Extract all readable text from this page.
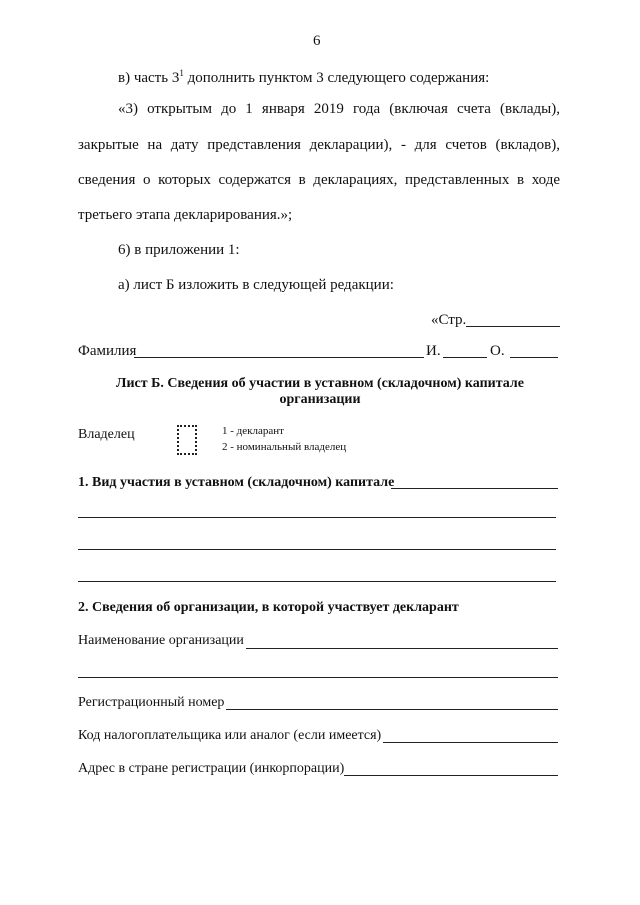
6
в) часть $3^1$ дополнить пунктом 3 следующего содержания:
«3) открытым до 1 января 2019 года (включая счета (вклады),
закрытые на дату представления декларации), - для счетов (вкладов),
сведения о которых содержатся в декларациях, представленных в ходе
третьего этапа декларирования.»;
6) в приложении 1:
а) лист Б изложить в следующей редакции:
«Стр.
Фамилия	И.	О.
Лист Б. Сведения об участии в уставном (складочном) капитале
организации
Владелец	1 - декларант
2 - номинальный владелец
1. Вид участия в уставном (складочном) капитале
2. Сведения об организации, в которой участвует декларант
Наименование организации
Регистрационный номер
Код налогоплательщика или аналог (если имеется)
Адрес в стране регистрации (инкорпорации)
